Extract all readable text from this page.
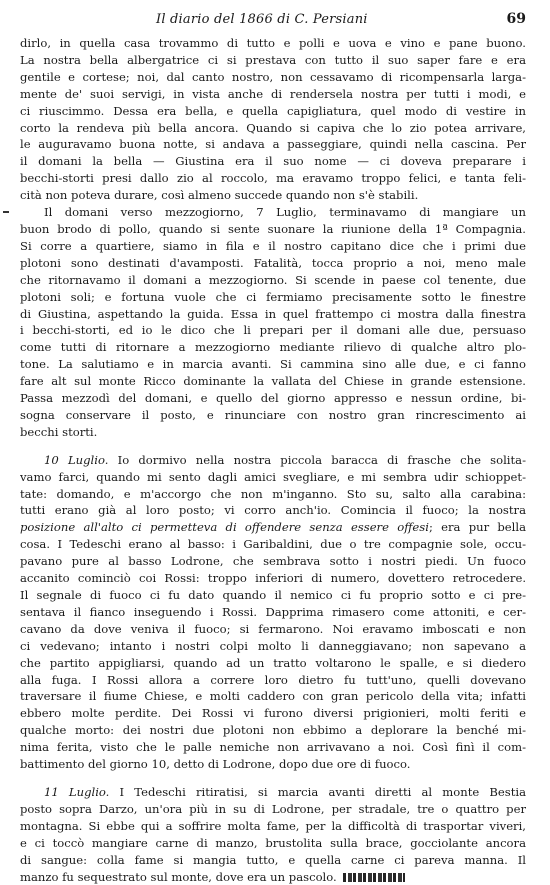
Il diario del 1866 di C. Persiani	69
dirlo, in quella casa trovammo di tutto e polli e uova e vino e pane buono.
La nostra bella albergatrice ci si prestava con tutto il suo saper fare e era
gentile e cortese; noi, dal canto nostro, non cessavamo di ricompensarla larga-
mente de' suoi servigi, in vista anche di rendersela nostra per tutti i modi, e
ci riuscimmo. Dessa era bella, e quella capigliatura, quel modo di vestire in
corto la rendeva più bella ancora. Quando si capiva che lo zio potea arrivare,
le auguravamo buona notte, si andava a passeggiare, quindi nella cascina. Per
il domani la bella — Giustina era il suo nome — ci doveva preparare i
becchi-storti presi dallo zio al roccolo, ma eravamo troppo felici, e tanta feli-
cità non poteva durare, così almeno succede quando non s'è stabili.
Il domani verso mezzogiorno, 7 Luglio, terminavamo di mangiare un
buon brodo di pollo, quando si sente suonare la riunione della 1ª Compagnia.
Si corre a quartiere, siamo in fila e il nostro capitano dice che i primi due
plotoni sono destinati d'avamposti. Fatalità, tocca proprio a noi, meno male
che ritornavamo il domani a mezzogiorno. Si scende in paese col tenente, due
plotoni soli; e fortuna vuole che ci fermiamo precisamente sotto le finestre
di Giustina, aspettando la guida. Essa in quel frattempo ci mostra dalla finestra
i becchi-storti, ed io le dico che li prepari per il domani alle due, persuaso
come tutti di ritornare a mezzogiorno mediante rilievo di qualche altro plo-
tone. La salutiamo e in marcia avanti. Si cammina sino alle due, e ci fanno
fare alt sul monte Ricco dominante la vallata del Chiese in grande estensione.
Passa mezzodì del domani, e quello del giorno appresso e nessun ordine, bi-
sogna conservare il posto, e rinunciare con nostro gran rincrescimento ai
becchi storti.
10 Luglio. Io dormivo nella nostra piccola baracca di frasche che solita-
vamo farci, quando mi sento dagli amici svegliare, e mi sembra udir schioppet-
tate: domando, e m'accorgo che non m'inganno. Sto su, salto alla carabina:
tutti erano già al loro posto; vi corro anch'io. Comincia il fuoco; la nostra
posizione all'alto ci permetteva di offendere senza essere offesi; era pur bella
cosa. I Tedeschi erano al basso: i Garibaldini, due o tre compagnie sole, occu-
pavano pure al basso Lodrone, che sembrava sotto i nostri piedi. Un fuoco
accanito cominciò coi Rossi: troppo inferiori di numero, dovettero retrocedere.
Il segnale di fuoco ci fu dato quando il nemico ci fu proprio sotto e ci pre-
sentava il fianco inseguendo i Rossi. Dapprima rimasero come attoniti, e cer-
cavano da dove veniva il fuoco; si fermarono. Noi eravamo imboscati e non
ci vedevano; intanto i nostri colpi molto li danneggiavano; non sapevano a
che partito appigliarsi, quando ad un tratto voltarono le spalle, e si diedero
alla fuga. I Rossi allora a correre loro dietro fu tutt'uno, quelli dovevano
traversare il fiume Chiese, e molti caddero con gran pericolo della vita; infatti
ebbero molte perdite. Dei Rossi vi furono diversi prigionieri, molti feriti e
qualche morto: dei nostri due plotoni non ebbimo a deplorare la benché mi-
nima ferita, visto che le palle nemiche non arrivavano a noi. Così finì il com-
battimento del giorno 10, detto di Lodrone, dopo due ore di fuoco.
11 Luglio. I Tedeschi ritiratisi, si marcia avanti diretti al monte Bestia
posto sopra Darzo, un'ora più in su di Lodrone, per stradale, tre o quattro per
montagna. Si ebbe qui a soffrire molta fame, per la difficoltà di trasportar viveri,
e ci toccò mangiare carne di manzo, brustolita sulla brace, gocciolante ancora
di sangue: colla fame si mangia tutto, e quella carne ci pareva manna. Il
manzo fu sequestrato sul monte, dove era un pascolo.
